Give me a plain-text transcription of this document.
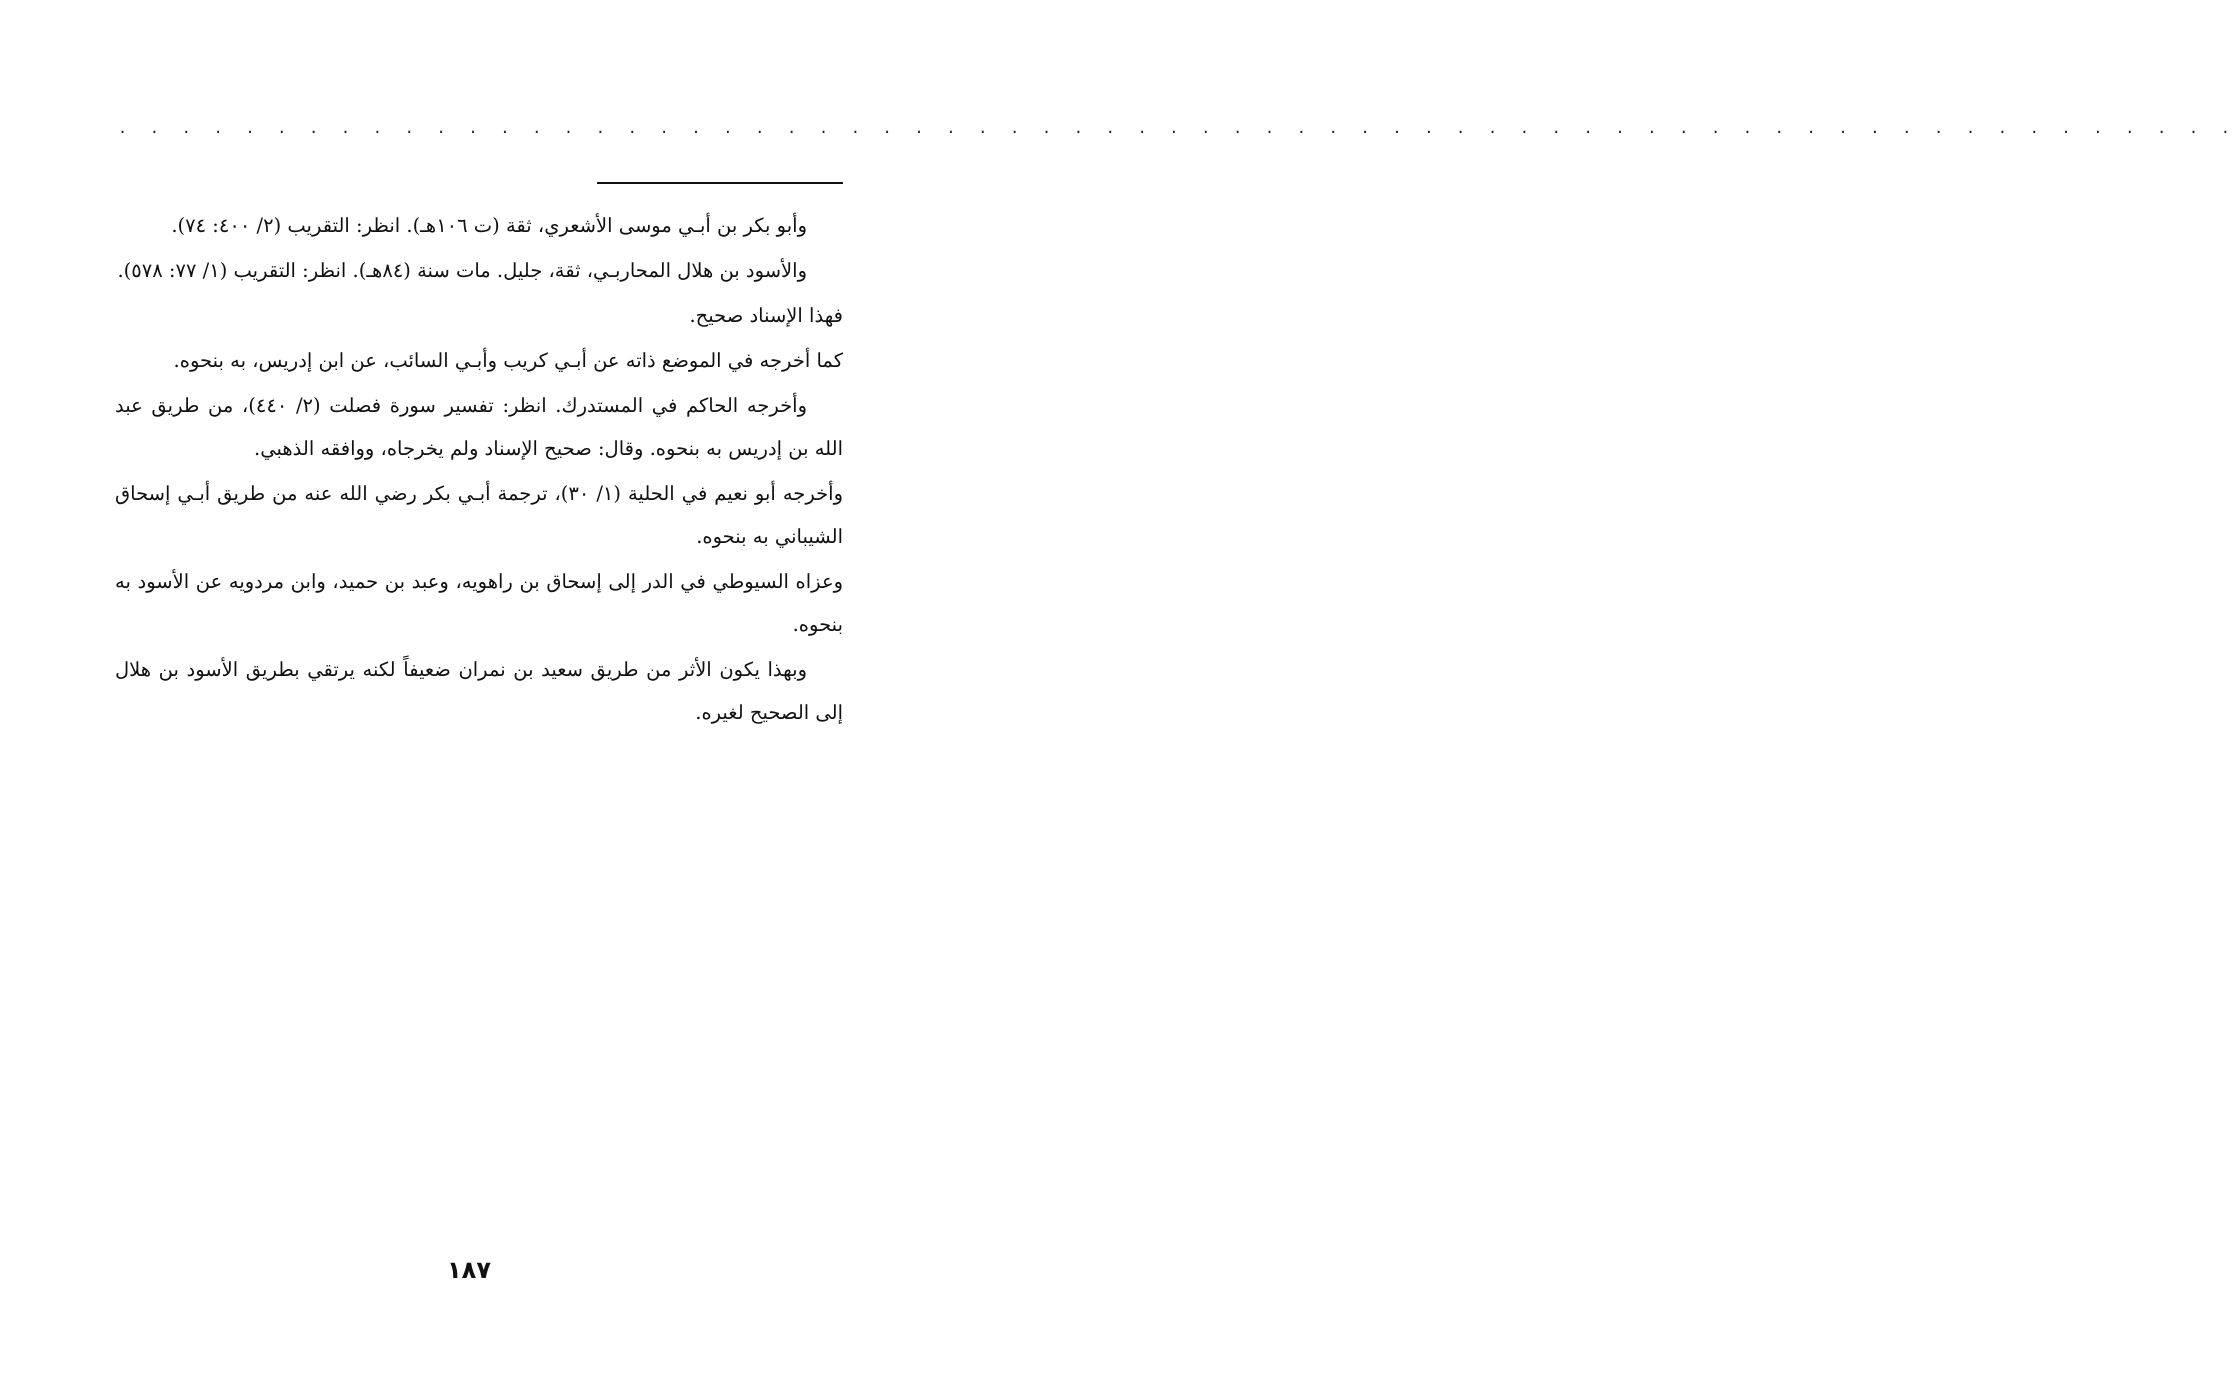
. . . . . . . . . . . . . . . . . . . . . . . . . . . . . . . . . . . . . . . . . . . . . . . . . . . . . . . . . . . . . . . . . . .

وأبو بكر بن أبـي موسى الأشعري، ثقة (ت ١٠٦هـ). انظر: التقريب (٢/ ٤٠٠: ٧٤).

والأسود بن هلال المحاربـي، ثقة، جليل. مات سنة (٨٤هـ). انظر: التقريب (١/ ٧٧: ٥٧٨).

فهذا الإسناد صحيح.

كما أخرجه في الموضع ذاته عن أبـي كريب وأبـي السائب، عن ابن إدريس، به بنحوه.

وأخرجه الحاكم في المستدرك. انظر: تفسير سورة فصلت (٢/ ٤٤٠)، من طريق عبد الله بن إدريس به بنحوه. وقال: صحيح الإسناد ولم يخرجاه، ووافقه الذهبي.

وأخرجه أبو نعيم في الحلية (١/ ٣٠)، ترجمة أبـي بكر رضي الله عنه من طريق أبـي إسحاق الشيباني به بنحوه.

وعزاه السيوطي في الدر إلى إسحاق بن راهويه، وعبد بن حميد، وابن مردويه عن الأسود به بنحوه.

وبهذا يكون الأثر من طريق سعيد بن نمران ضعيفاً لكنه يرتقي بطريق الأسود بن هلال إلى الصحيح لغيره.

١٨٧
